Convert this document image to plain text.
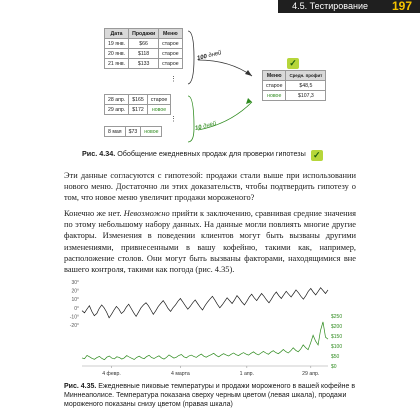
4.5. Тестирование 197
Дата	Продажи	Меню
19 янв.	$66	старое
20 янв.	$118	старое
21 янв.	$133	старое
⋮
28 апр.	$165	старое
29 апр.	$172	новое
⋮
8 мая	$73	новое
100 дней
10 дней
Меню	Средн. профит
старое	$48,5
новое	$107,3
✓
Рис. 4.34. Обобщение ежедневных продаж для проверки гипотезы ✓

Эти данные согласуются с гипотезой: продажи стали выше при использовании нового меню. Достаточно ли этих доказательств, чтобы подтвердить гипотезу о том, что новое меню увеличит продажи мороженого?

Конечно же нет. Невозможно прийти к заключению, сравнивая средние значения по этому небольшому набору данных. На данные могли повлиять многие другие факторы. Изменения в поведении клиентов могут быть вызваны другими изменениями, привнесенными в вашу кофейню, такими как, например, расположение столов. Они могут быть вызваны факторами, находящимися вне вашего контроля, такими как погода (рис. 4.35).

30°
20°
10°
0°
-10°
-20°
$250
$200
$150
$100
$50
$0
4 февр.	4 марта	1 апр.	29 апр.
Рис. 4.35. Ежедневные пиковые температуры и продажи мороженого в вашей кофейне в Миннеаполисе. Температура показана сверху черным цветом (левая шкала), продажи мороженого показаны снизу цветом (правая шкала)
